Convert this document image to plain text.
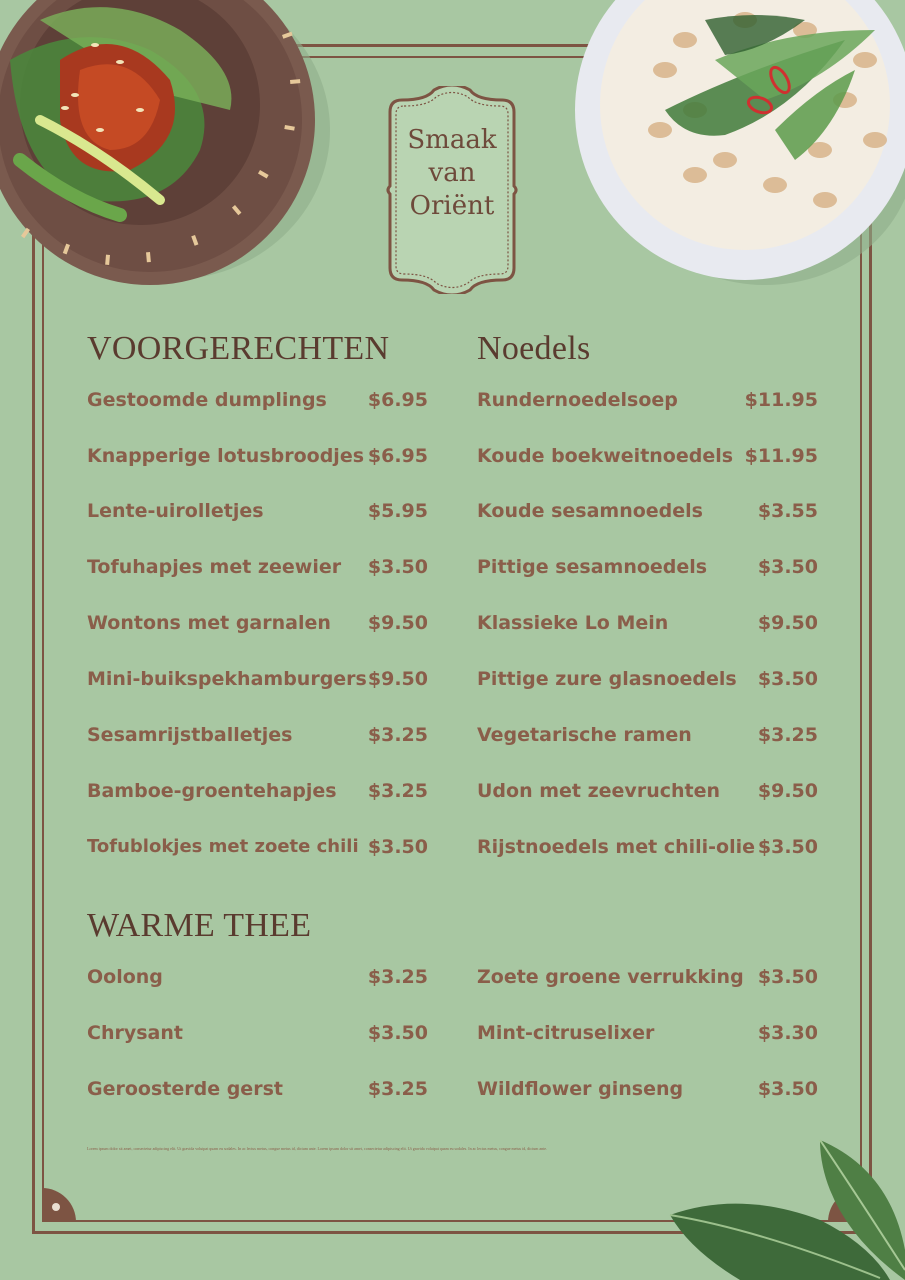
Smaak
van
Oriënt
VOORGERECHTEN	Noedels
WARME THEE
Gestoomde dumplings	$6.95
Knapperige lotusbroodjes $6.95
Lente-uirolletjes	$5.95
Tofuhapjes met zeewier	$3.50
Wontons met garnalen	$9.50
Mini-buikspekhamburgers $9.50
Sesamrijstballetjes	$3.25
Bamboe-groentehapjes	$3.25
Tofublokjes met zoete chili $3.50
Rundernoedelsoep	$11.95
Koude boekweitnoedels $11.95
Koude sesamnoedels	$3.55
Pittige sesamnoedels	$3.50
Klassieke Lo Mein	$9.50
Pittige zure glasnoedels	$3.50
Vegetarische ramen	$3.25
Udon met zeevruchten	$9.50
Rijstnoedels met chili-olie $3.50
Oolong	$3.25
Chrysant	$3.50
Geroosterde gerst	$3.25
Zoete groene verrukking $3.50
Mint-citruselixer	$3.30
Wildflower ginseng	$3.50
Lorem ipsum dolor sit amet, consectetur adipiscing elit. Ut gravida volutpat quam eu sodales. In ac lectus metus, congue metus id, dictum ante. Lorem ipsum dolor sit amet, consectetur adipiscing elit. Ut gravida volutpat quam eu sodales. In ac lectus metus, congue metus id, dictum ante.
